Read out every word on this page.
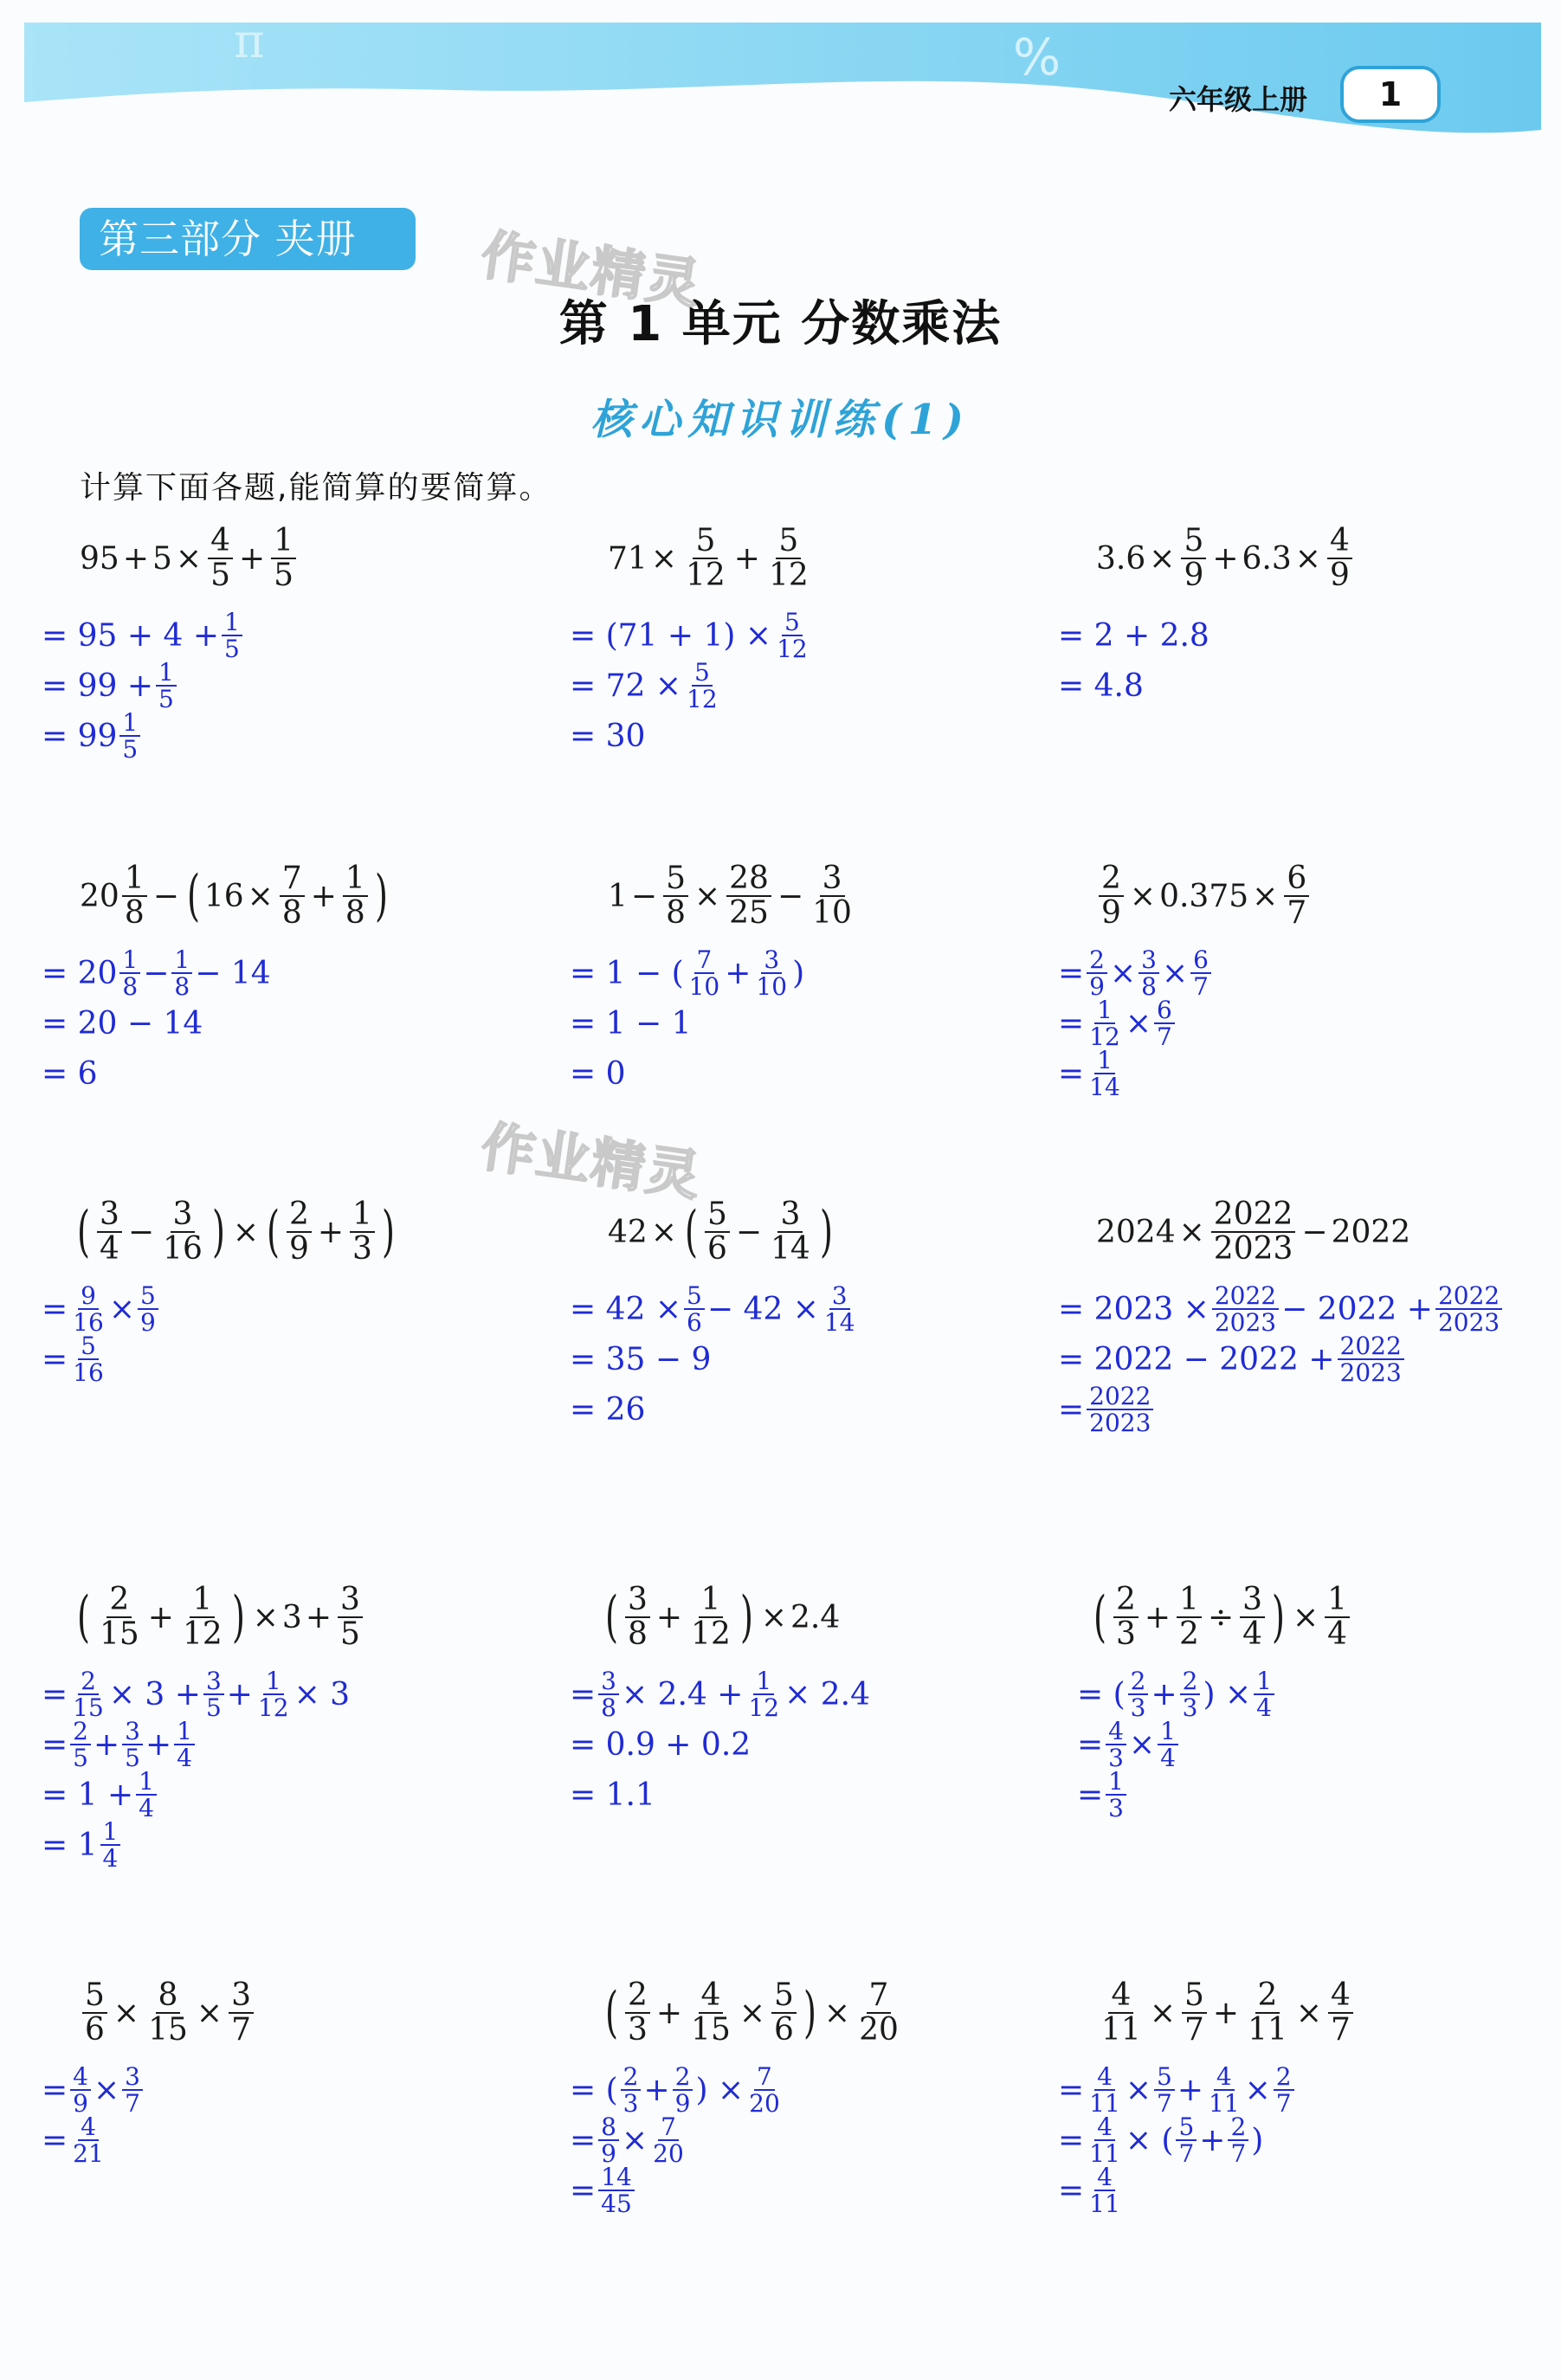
π	%
六年级上册	1
第三部分 夹册	作业精灵
作业精灵
第 1 单元 分数乘法
核心知识训练(1)
计算下面各题,能简算的要简算。
$95 + 5 \times \frac{4}{5} + \frac{1}{5}$
= $95 + 4 + \frac{1}{5}$
= $99 + \frac{1}{5}$
= $99 \frac{1}{5}$
$71 \times \frac{5}{12} + \frac{5}{12}$
= $(71 + 1) \times \frac{5}{12}$
= $72 \times \frac{5}{12}$
= 30
$3.6 \times \frac{5}{9} + 6.3 \times \frac{4}{9}$
= 2 + 2.8
= 4.8
$20 \frac{1}{8}$ − ( $16 \times \frac{7}{8} + \frac{1}{8}$ )
= $20 \frac{1}{8} - \frac{1}{8} - 14$
= 20 − 14
= 6
$1 - \frac{5}{8} \times \frac{28}{25} - \frac{3}{10}$
= 1 − ( $\frac{7}{10} + \frac{3}{10}$ )
= 1 − 1
= 0
$\frac{2}{9} \times 0.375 \times \frac{6}{7}$
= $\frac{2}{9} \times \frac{3}{8} \times \frac{6}{7}$
= $\frac{1}{12} \times \frac{6}{7}$
= $\frac{1}{14}$
( $\frac{3}{4} - \frac{3}{16}$ ) × ( $\frac{2}{9} + \frac{1}{3}$ )
= $\frac{9}{16} \times \frac{5}{9}$
= $\frac{5}{16}$
42 × ( $\frac{5}{6} - \frac{3}{14}$ )
= $42 \times \frac{5}{6} - 42 \times \frac{3}{14}$
= 35 − 9
= 26
$2024 \times \frac{2022}{2023} - 2022$
= $2023 \times \frac{2022}{2023} - 2022 + \frac{2022}{2023}$
= $2022 - 2022 + \frac{2022}{2023}$
= $\frac{2022}{2023}$
( $\frac{2}{15} + \frac{1}{12}$ ) × $3 + \frac{3}{5}$
= $\frac{2}{15} \times 3 + \frac{3}{5} + \frac{1}{12} \times 3$
= $\frac{2}{5} + \frac{3}{5} + \frac{1}{4}$
= $1 + \frac{1}{4}$
= $1 \frac{1}{4}$
( $\frac{3}{8} + \frac{1}{12}$ ) × 2.4
= $\frac{3}{8} \times 2.4 + \frac{1}{12} \times 2.4$
= 0.9 + 0.2
= 1.1
( $\frac{2}{3} + \frac{1}{2} \div \frac{3}{4}$ ) × $\frac{1}{4}$
= ( $\frac{2}{3} + \frac{2}{3}$ ) × $\frac{1}{4}$
= $\frac{4}{3} \times \frac{1}{4}$
= $\frac{1}{3}$
$\frac{5}{6} \times \frac{8}{15} \times \frac{3}{7}$
= $\frac{4}{9} \times \frac{3}{7}$
= $\frac{4}{21}$
( $\frac{2}{3} + \frac{4}{15} \times \frac{5}{6}$ ) × $\frac{7}{20}$
= ( $\frac{2}{3} + \frac{2}{9}$ ) × $\frac{7}{20}$
= $\frac{8}{9} \times \frac{7}{20}$
= $\frac{14}{45}$
$\frac{4}{11} \times \frac{5}{7} + \frac{2}{11} \times \frac{4}{7}$
= $\frac{4}{11} \times \frac{5}{7} + \frac{4}{11} \times \frac{2}{7}$
= $\frac{4}{11}$ × ( $\frac{5}{7} + \frac{2}{7}$ )
= $\frac{4}{11}$
